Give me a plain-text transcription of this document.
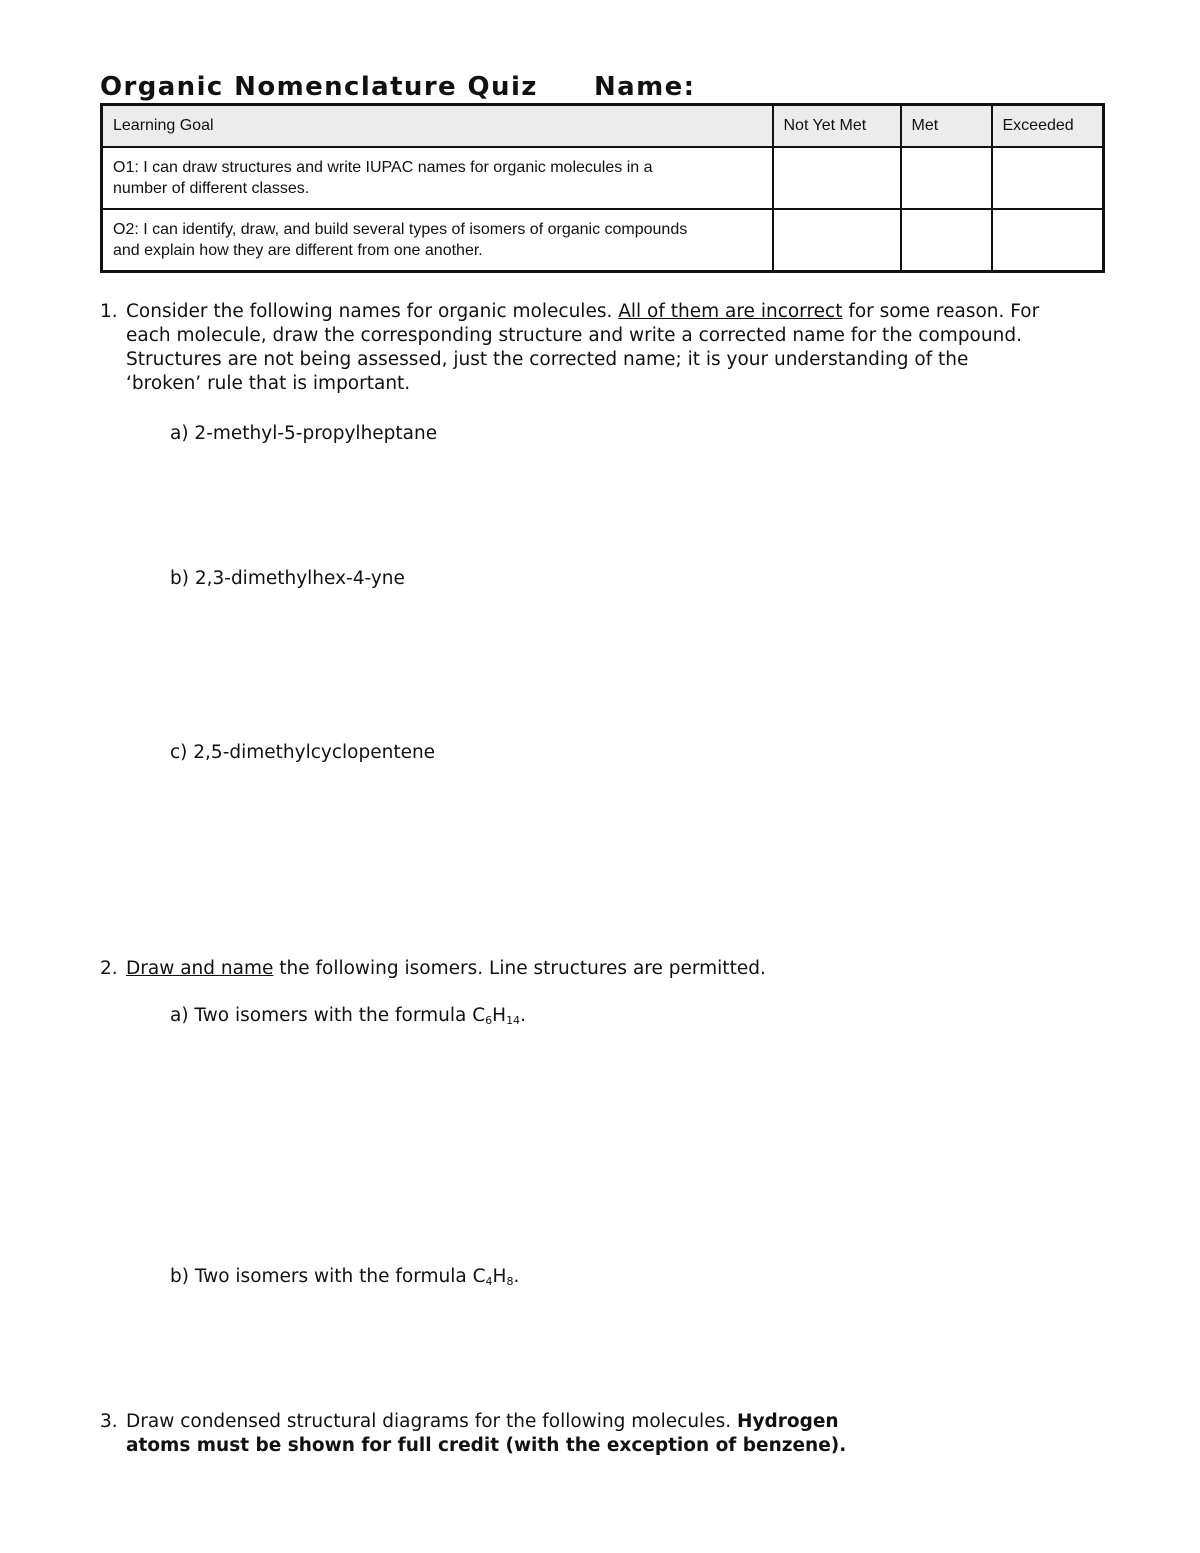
Organic Nomenclature Quiz Name:
Learning Goal	Not Yet Met	Met	Exceeded

O1: I can draw structures and write IUPAC names for organic molecules in a
number of different classes.			

O2: I can identify, draw, and build several types of isomers of organic compounds
and explain how they are different from one another.			

1. Consider the following names for organic molecules. All of them are incorrect for some reason. For
each molecule, draw the corresponding structure and write a corrected name for the compound.
Structures are not being assessed, just the corrected name; it is your understanding of the
‘broken’ rule that is important.
a) 2-methyl-5-propylheptane
b) 2,3-dimethylhex-4-yne
c) 2,5-dimethylcyclopentene
2. Draw and name the following isomers. Line structures are permitted.
a) Two isomers with the formula $C_6H_{14}$.
b) Two isomers with the formula $C_4H_8$.
3. Draw condensed structural diagrams for the following molecules. Hydrogen
atoms must be shown for full credit (with the exception of benzene).
